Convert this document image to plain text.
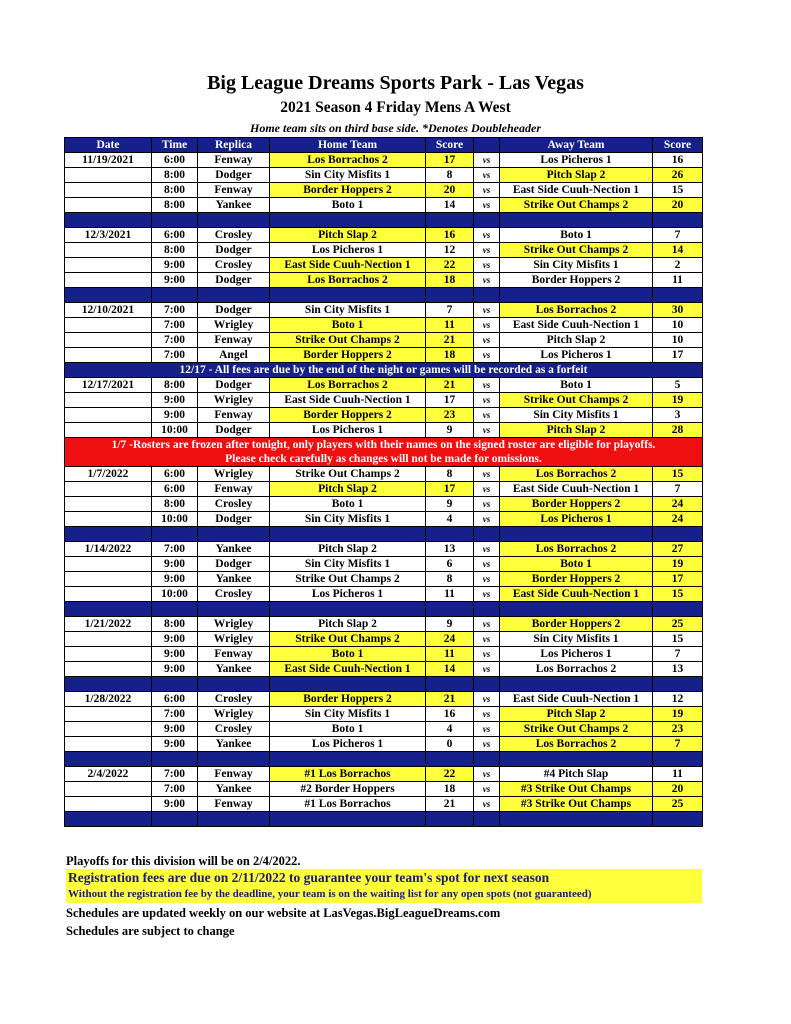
Big League Dreams Sports Park - Las Vegas
2021 Season 4 Friday Mens A West
Home team sits on third base side. *Denotes Doubleheader
Date	Time	Replica	Home Team	Score		Away Team	Score
11/19/2021	6:00	Fenway	Los Borrachos 2	17	vs	Los Picheros 1	16
	8:00	Dodger	Sin City Misfits 1	8	vs	Pitch Slap 2	26
	8:00	Fenway	Border Hoppers 2	20	vs	East Side Cuuh-Nection 1	15
	8:00	Yankee	Boto 1	14	vs	Strike Out Champs 2	20

12/3/2021	6:00	Crosley	Pitch Slap 2	16	vs	Boto 1	7
	8:00	Dodger	Los Picheros 1	12	vs	Strike Out Champs 2	14
	9:00	Crosley	East Side Cuuh-Nection 1	22	vs	Sin City Misfits 1	2
	9:00	Dodger	Los Borrachos 2	18	vs	Border Hoppers 2	11

12/10/2021	7:00	Dodger	Sin City Misfits 1	7	vs	Los Borrachos 2	30
	7:00	Wrigley	Boto 1	11	vs	East Side Cuuh-Nection 1	10
	7:00	Fenway	Strike Out Champs 2	21	vs	Pitch Slap 2	10
	7:00	Angel	Border Hoppers 2	18	vs	Los Picheros 1	17

12/17 - All fees are due by the end of the night or games will be recorded as a forfeit							

12/17/2021	8:00	Dodger	Los Borrachos 2	21	vs	Boto 1	5
	9:00	Wrigley	East Side Cuuh-Nection 1	17	vs	Strike Out Champs 2	19
	9:00	Fenway	Border Hoppers 2	23	vs	Sin City Misfits 1	3
	10:00	Dodger	Los Picheros 1	9	vs	Pitch Slap 2	28

1/7 -Rosters are frozen after tonight, only players with their names on the signed roster are eligible for playoffs.
Please check carefully as changes will not be made for omissions.							

1/7/2022	6:00	Wrigley	Strike Out Champs 2	8	vs	Los Borrachos 2	15
	6:00	Fenway	Pitch Slap 2	17	vs	East Side Cuuh-Nection 1	7
	8:00	Crosley	Boto 1	9	vs	Border Hoppers 2	24
	10:00	Dodger	Sin City Misfits 1	4	vs	Los Picheros 1	24

1/14/2022	7:00	Yankee	Pitch Slap 2	13	vs	Los Borrachos 2	27
	9:00	Dodger	Sin City Misfits 1	6	vs	Boto 1	19
	9:00	Yankee	Strike Out Champs 2	8	vs	Border Hoppers 2	17
	10:00	Crosley	Los Picheros 1	11	vs	East Side Cuuh-Nection 1	15

1/21/2022	8:00	Wrigley	Pitch Slap 2	9	vs	Border Hoppers 2	25
	9:00	Wrigley	Strike Out Champs 2	24	vs	Sin City Misfits 1	15
	9:00	Fenway	Boto 1	11	vs	Los Picheros 1	7
	9:00	Yankee	East Side Cuuh-Nection 1	14	vs	Los Borrachos 2	13

1/28/2022	6:00	Crosley	Border Hoppers 2	21	vs	East Side Cuuh-Nection 1	12
	7:00	Wrigley	Sin City Misfits 1	16	vs	Pitch Slap 2	19
	9:00	Crosley	Boto 1	4	vs	Strike Out Champs 2	23
	9:00	Yankee	Los Picheros 1	0	vs	Los Borrachos 2	7

2/4/2022	7:00	Fenway	#1 Los Borrachos	22	vs	#4 Pitch Slap	11
	7:00	Yankee	#2 Border Hoppers	18	vs	#3 Strike Out Champs	20
	9:00	Fenway	#1 Los Borrachos	21	vs	#3 Strike Out Champs	25

Playoffs for this division will be on 2/4/2022.
Registration fees are due on 2/11/2022 to guarantee your team's spot for next season
Without the registration fee by the deadline, your team is on the waiting list for any open spots (not guaranteed)
Schedules are updated weekly on our website at LasVegas.BigLeagueDreams.com
Schedules are subject to change
